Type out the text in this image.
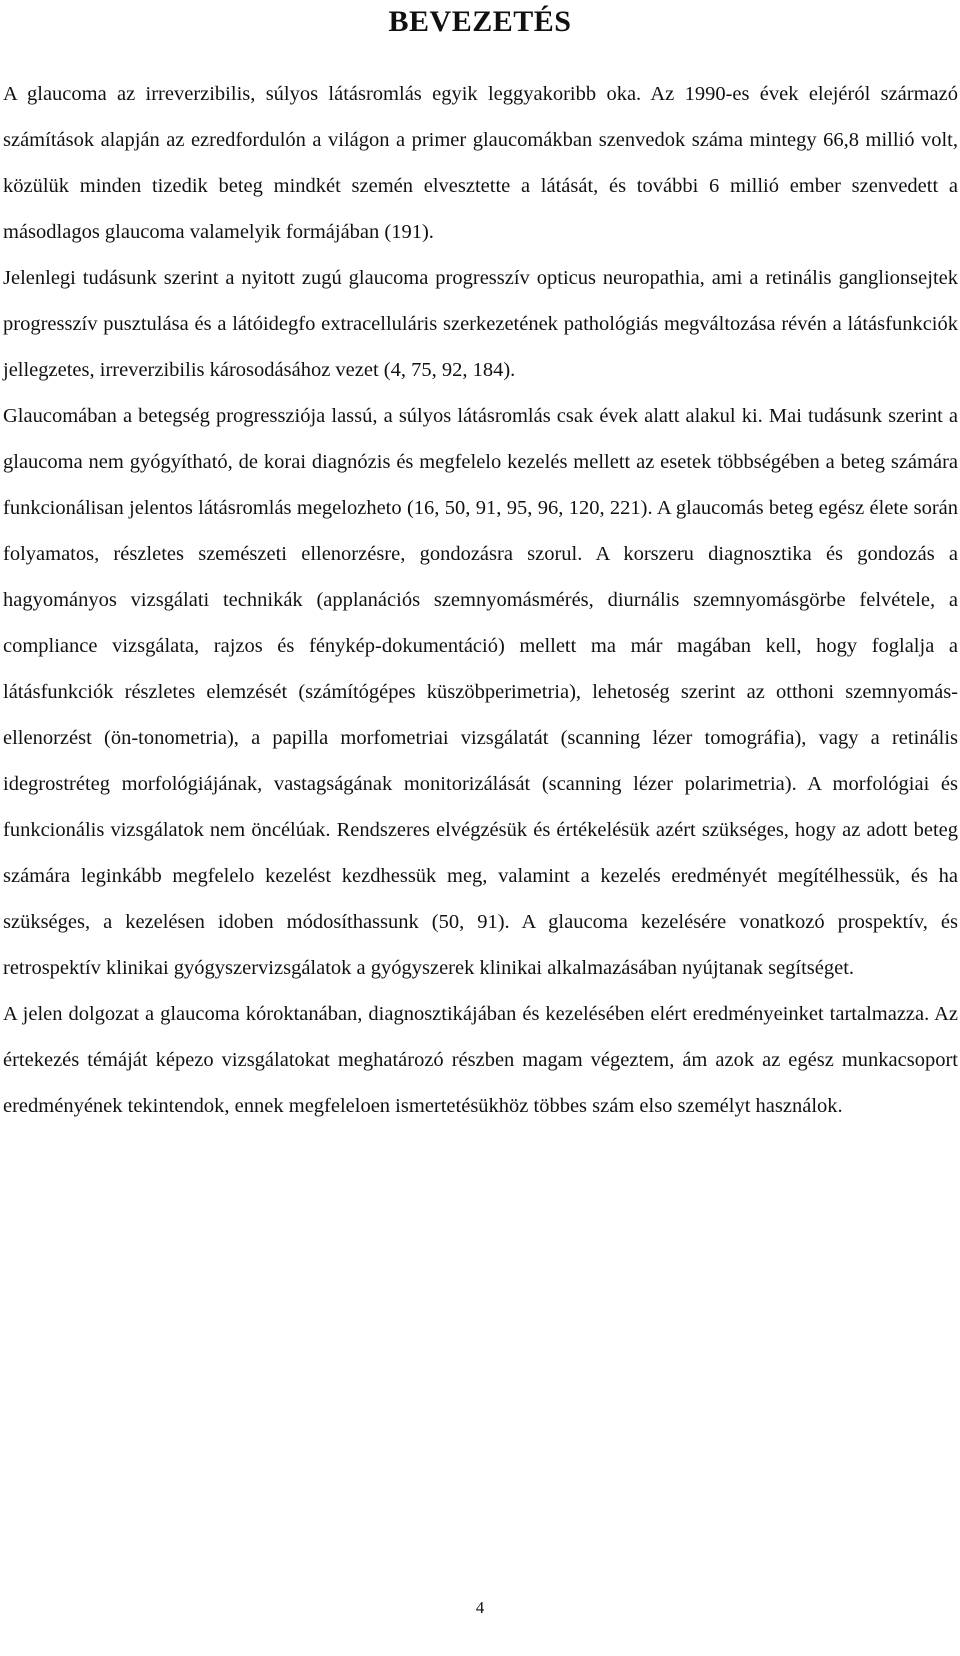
BEVEZETÉS

A glaucoma az irreverzibilis, súlyos látásromlás egyik leggyakoribb oka. Az 1990-es évek elejéról származó számítások alapján az ezredfordulón a világon a primer glaucomákban szenvedok száma mintegy 66,8 millió volt, közülük minden tizedik beteg mindkét szemén elvesztette a látását, és további 6 millió ember szenvedett a másodlagos glaucoma valamelyik formájában (191).

Jelenlegi tudásunk szerint a nyitott zugú glaucoma progresszív opticus neuropathia, ami a retinális ganglionsejtek progresszív pusztulása és a látóidegfo extracelluláris szerkezetének pathológiás megváltozása révén a látásfunkciók jellegzetes, irreverzibilis károsodásához vezet (4, 75, 92, 184).

Glaucomában a betegség progressziója lassú, a súlyos látásromlás csak évek alatt alakul ki. Mai tudásunk szerint a glaucoma nem gyógyítható, de korai diagnózis és megfelelo kezelés mellett az esetek többségében a beteg számára funkcionálisan jelentos látásromlás megelozheto (16, 50, 91, 95, 96, 120, 221). A glaucomás beteg egész élete során folyamatos, részletes szemészeti ellenorzésre, gondozásra szorul. A korszeru diagnosztika és gondozás a hagyományos vizsgálati technikák (applanációs szemnyomásmérés, diurnális szemnyomásgörbe felvétele, a compliance vizsgálata, rajzos és fénykép-dokumentáció) mellett ma már magában kell, hogy foglalja a látásfunkciók részletes elemzését (számítógépes küszöbperimetria), lehetoség szerint az otthoni szemnyomás-ellenorzést (ön-tonometria), a papilla morfometriai vizsgálatát (scanning lézer tomográfia), vagy a retinális idegrostréteg morfológiájának, vastagságának monitorizálását (scanning lézer polarimetria). A morfológiai és funkcionális vizsgálatok nem öncélúak. Rendszeres elvégzésük és értékelésük azért szükséges, hogy az adott beteg számára leginkább megfelelo kezelést kezdhessük meg, valamint a kezelés eredményét megítélhessük, és ha szükséges, a kezelésen idoben módosíthassunk (50, 91). A glaucoma kezelésére vonatkozó prospektív, és retrospektív klinikai gyógyszervizsgálatok a gyógyszerek klinikai alkalmazásában nyújtanak segítséget.

A jelen dolgozat a glaucoma kóroktanában, diagnosztikájában és kezelésében elért eredményeinket tartalmazza. Az értekezés témáját képezo vizsgálatokat meghatározó részben magam végeztem, ám azok az egész munkacsoport eredményének tekintendok, ennek megfeleloen ismertetésükhöz többes szám elso személyt használok.

4
